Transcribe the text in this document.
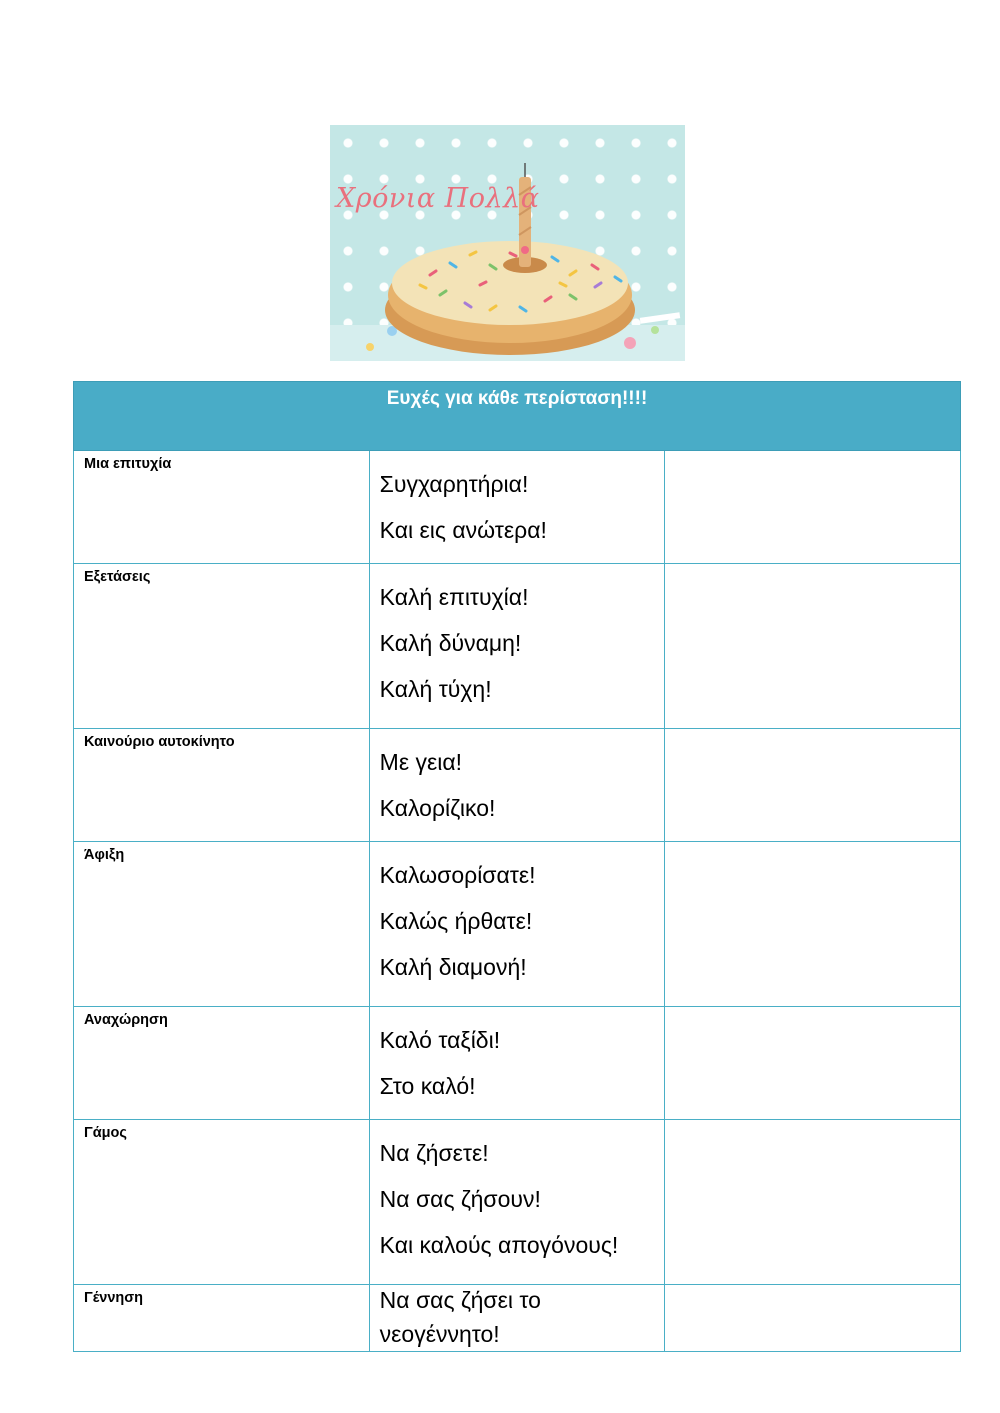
Χρόνια Πολλά
Ευχές για κάθε περίσταση!!!!		

Μια επιτυχία	Συγχαρητήρια!
Και εις ανώτερα!	

Εξετάσεις	Καλή επιτυχία!
Καλή δύναμη!
Καλή τύχη!	

Καινούριο αυτοκίνητο	Με γεια!
Καλορίζικο!	

Άφιξη	Καλωσορίσατε!
Καλώς ήρθατε!
Καλή διαμονή!	

Αναχώρηση	Καλό ταξίδι!
Στο καλό!	

Γάμος	Να ζήσετε!
Να σας ζήσουν!
Και καλούς απογόνους!	

Γέννηση	Να σας ζήσει το νεογέννητο!	
